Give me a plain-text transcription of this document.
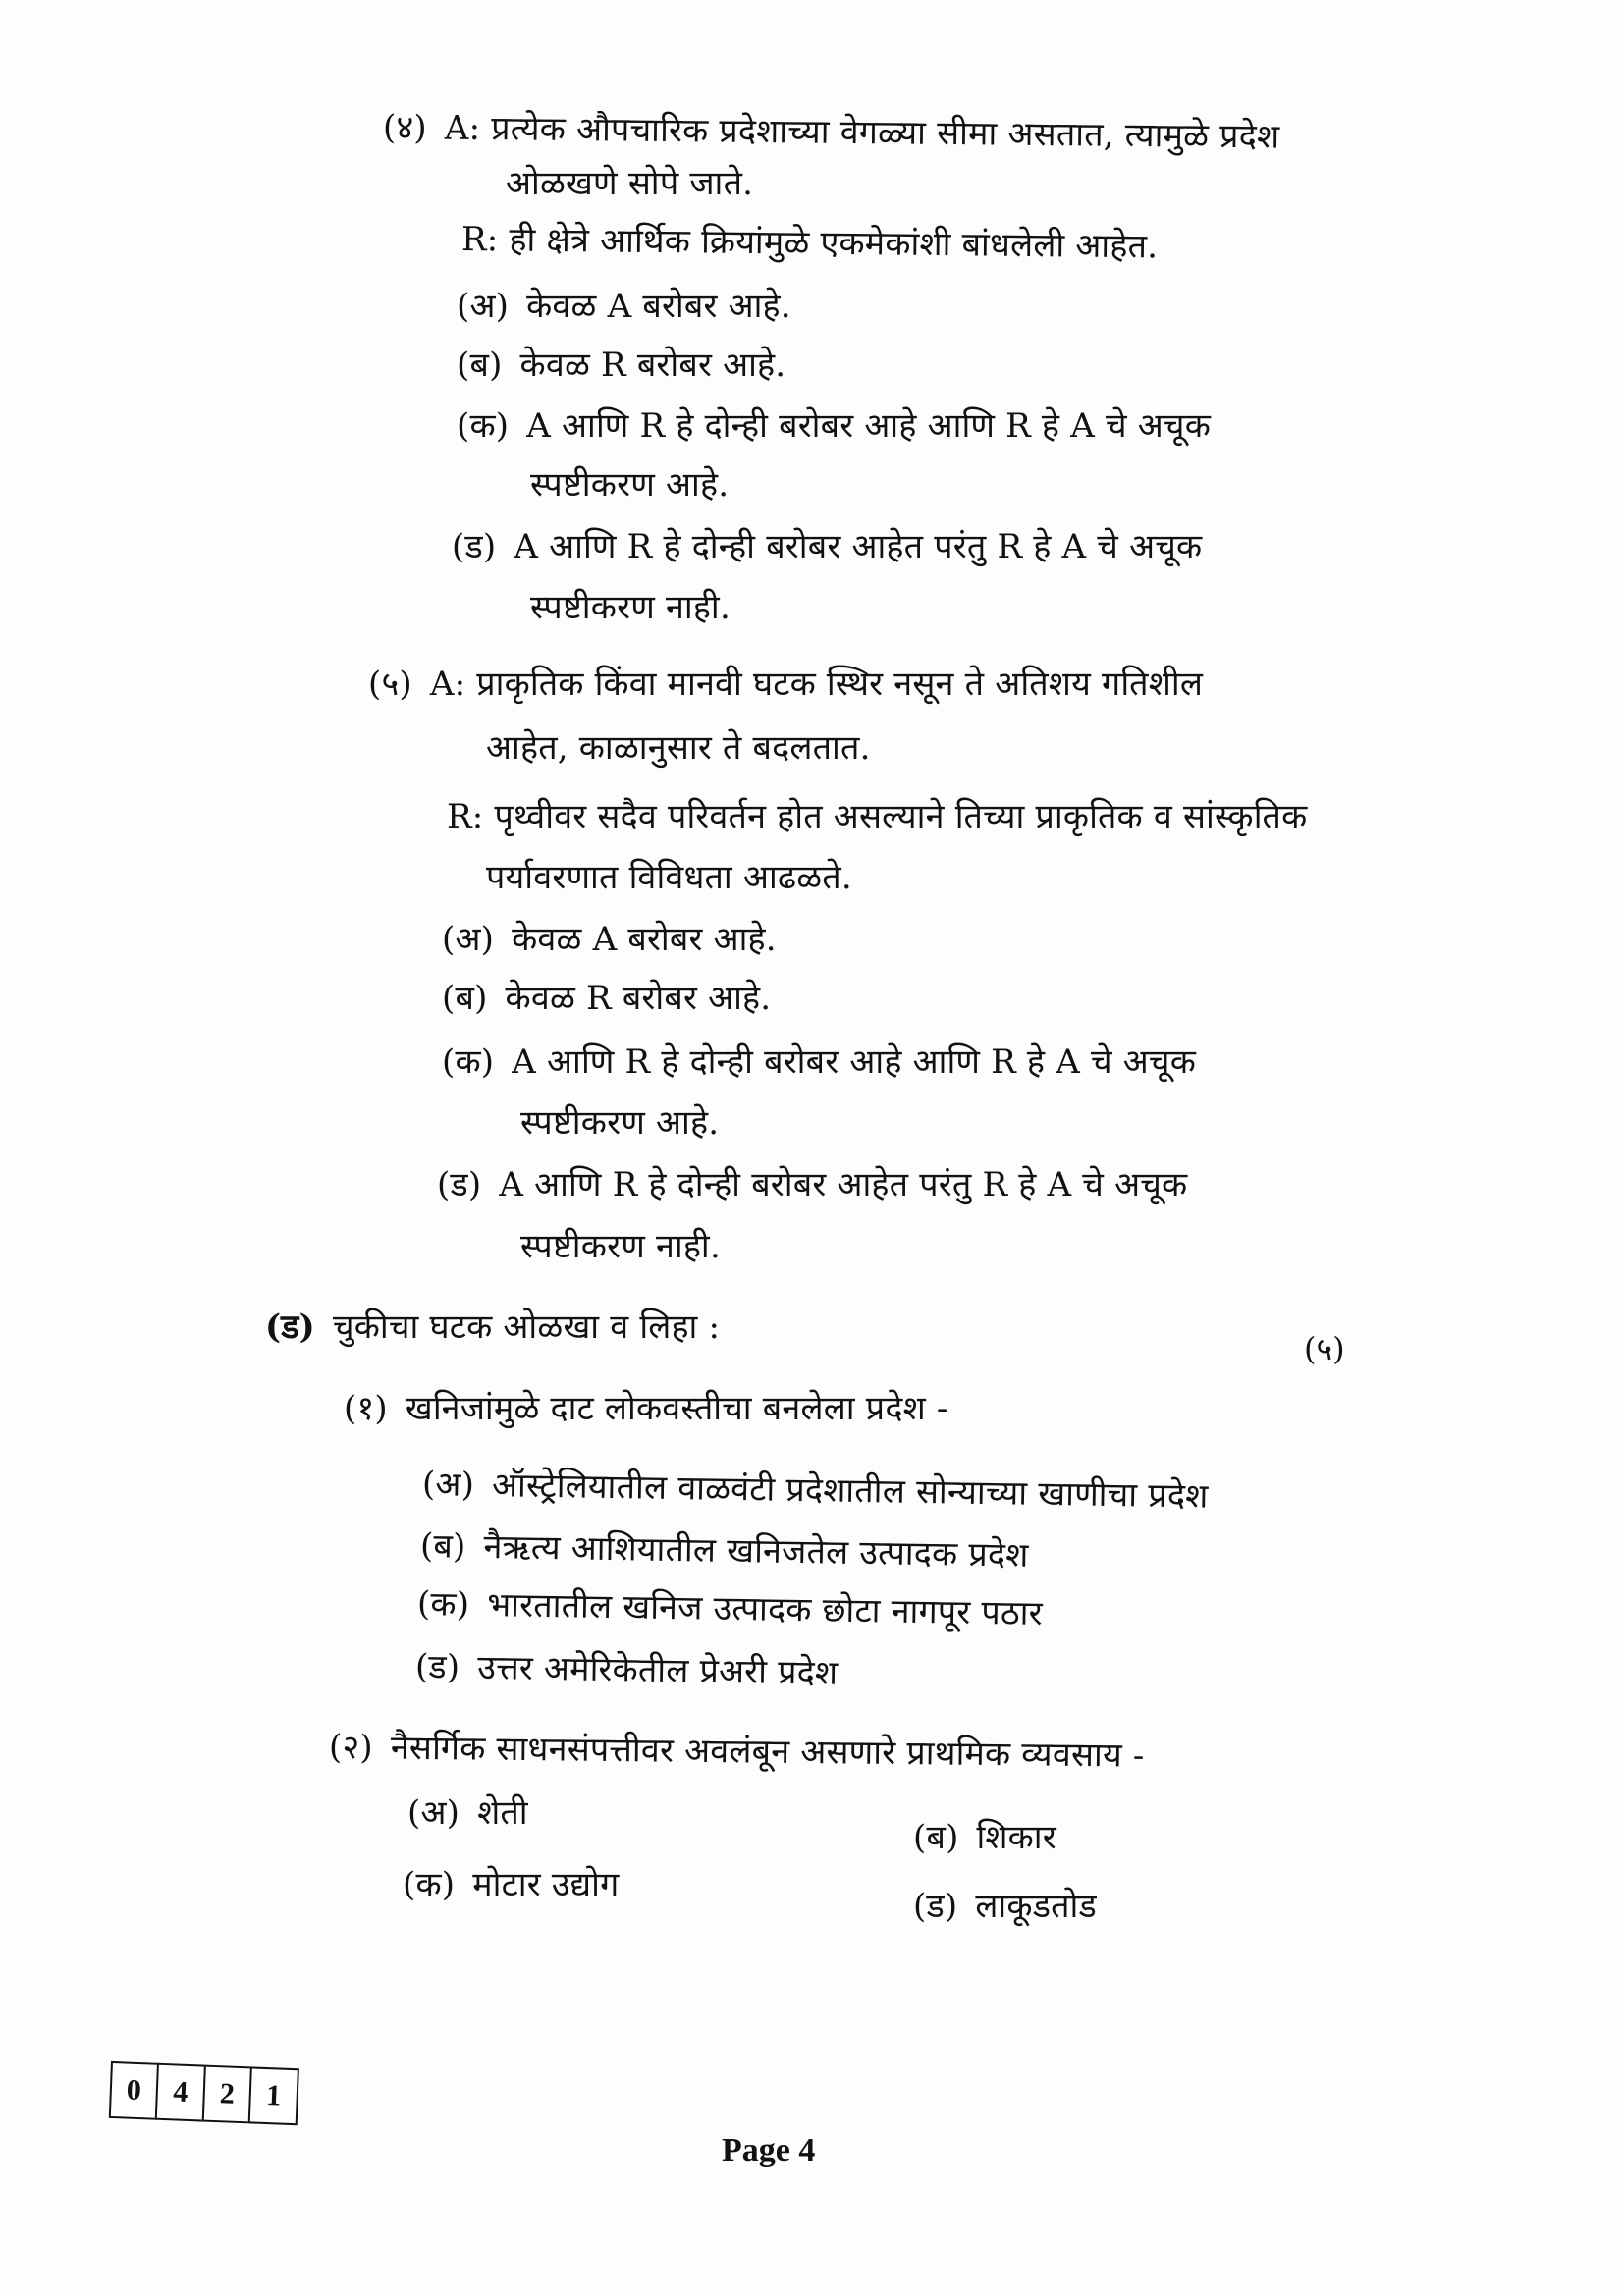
(४) A: प्रत्येक औपचारिक प्रदेशाच्या वेगळ्या सीमा असतात, त्यामुळे प्रदेश
ओळखणे सोपे जाते.
R: ही क्षेत्रे आर्थिक क्रियांमुळे एकमेकांशी बांधलेली आहेत.
(अ) केवळ A बरोबर आहे.
(ब) केवळ R बरोबर आहे.
(क) A आणि R हे दोन्ही बरोबर आहे आणि R हे A चे अचूक
स्पष्टीकरण आहे.
(ड) A आणि R हे दोन्ही बरोबर आहेत परंतु R हे A चे अचूक
स्पष्टीकरण नाही.
(५) A: प्राकृतिक किंवा मानवी घटक स्थिर नसून ते अतिशय गतिशील
आहेत, काळानुसार ते बदलतात.
R: पृथ्वीवर सदैव परिवर्तन होत असल्याने तिच्या प्राकृतिक व सांस्कृतिक
पर्यावरणात विविधता आढळते.
(अ) केवळ A बरोबर आहे.
(ब) केवळ R बरोबर आहे.
(क) A आणि R हे दोन्ही बरोबर आहे आणि R हे A चे अचूक
स्पष्टीकरण आहे.
(ड) A आणि R हे दोन्ही बरोबर आहेत परंतु R हे A चे अचूक
स्पष्टीकरण नाही.
(ड) चुकीचा घटक ओळखा व लिहा :
(५)
(१) खनिजांमुळे दाट लोकवस्तीचा बनलेला प्रदेश -
(अ) ऑस्ट्रेलियातील वाळवंटी प्रदेशातील सोन्याच्या खाणीचा प्रदेश
(ब) नैऋत्य आशियातील खनिजतेल उत्पादक प्रदेश
(क) भारतातील खनिज उत्पादक छोटा नागपूर पठार
(ड) उत्तर अमेरिकेतील प्रेअरी प्रदेश
(२) नैसर्गिक साधनसंपत्तीवर अवलंबून असणारे प्राथमिक व्यवसाय -
(अ) शेती
(ब) शिकार
(क) मोटार उद्योग
(ड) लाकूडतोड
0	4	2	1
Page 4
